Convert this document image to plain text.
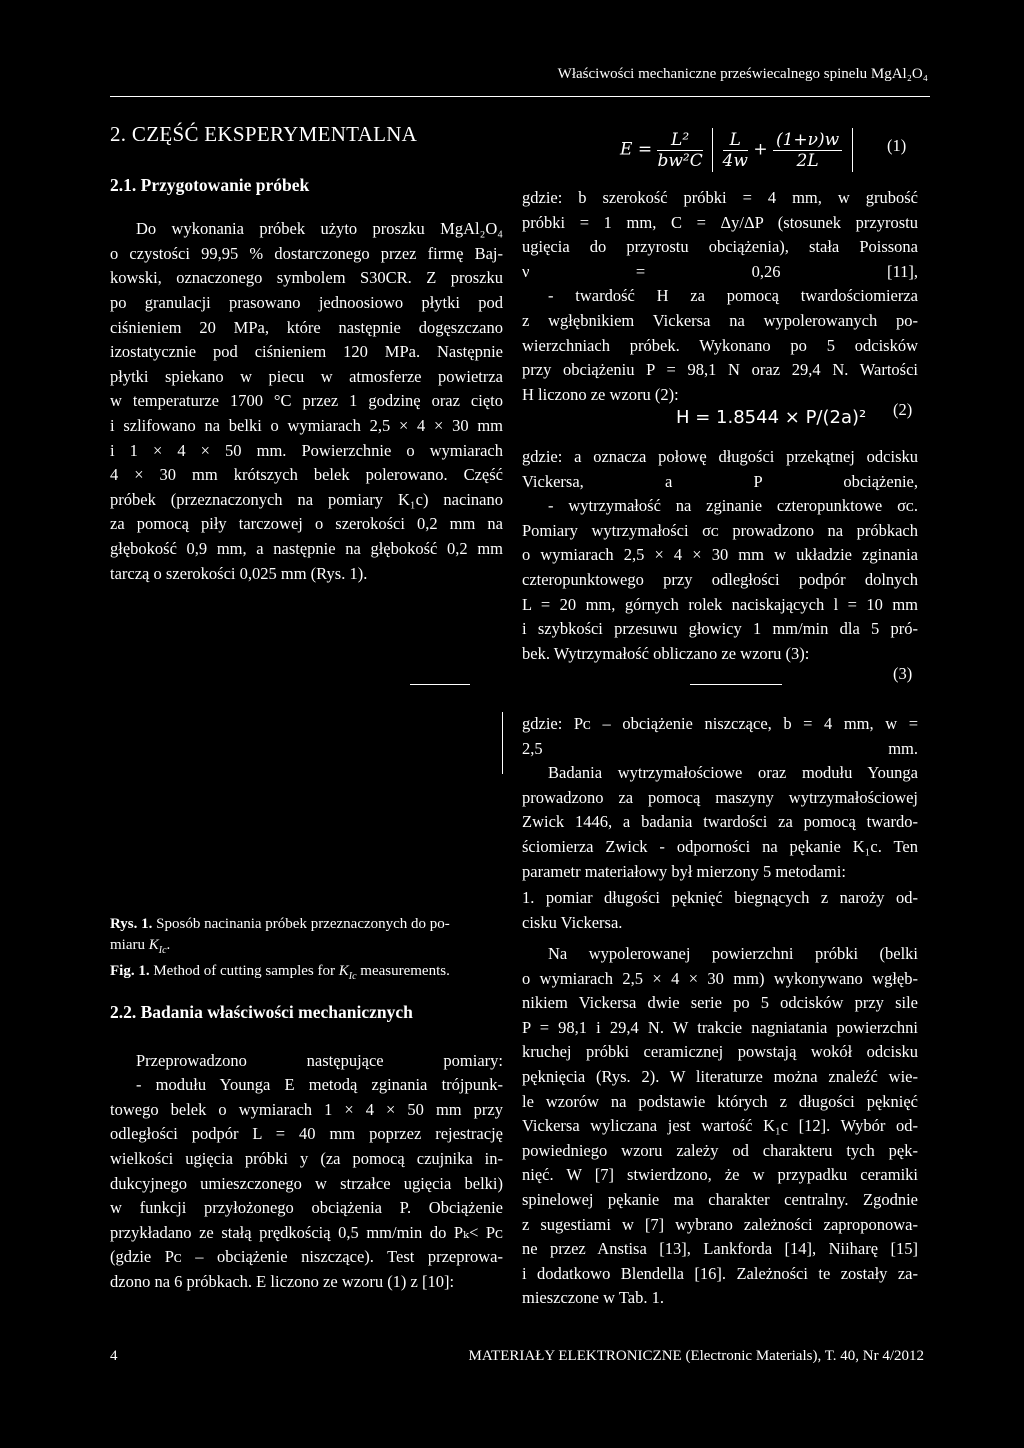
Właściwości mechaniczne przeświecalnego spinelu MgAl₂O₄
2. CZĘŚĆ EKSPERYMENTALNA
2.1. Przygotowanie próbek
Do wykonania próbek użyto proszku MgAl₂O₄
o czystości 99,95 % dostarczonego przez firmę Baj-
kowski, oznaczonego symbolem S30CR. Z proszku
po granulacji prasowano jednoosiowo płytki pod
ciśnieniem 20 MPa, które następnie dogęszczano
izostatycznie pod ciśnieniem 120 MPa. Następnie
płytki spiekano w piecu w atmosferze powietrza
w temperaturze 1700 °C przez 1 godzinę oraz cięto
i szlifowano na belki o wymiarach 2,5 × 4 × 30 mm
i 1 × 4 × 50 mm. Powierzchnie o wymiarach
4 × 30 mm krótszych belek polerowano. Część
próbek (przeznaczonych na pomiary K₁c) nacinano
za pomocą piły tarczowej o szerokości 0,2 mm na
głębokość 0,9 mm, a następnie na głębokość 0,2 mm
tarczą o szerokości 0,025 mm (Rys. 1).
Rys. 1. Sposób nacinania próbek przeznaczonych do po-
miaru $K_{Ic}$.
Fig. 1. Method of cutting samples for $K_{Ic}$ measurements.
2.2. Badania właściwości mechanicznych
Przeprowadzono następujące pomiary:
- modułu Younga E metodą zginania trójpunk-
towego belek o wymiarach 1 × 4 × 50 mm przy
odległości podpór L = 40 mm poprzez rejestrację
wielkości ugięcia próbki y (za pomocą czujnika in-
dukcyjnego umieszczonego w strzałce ugięcia belki)
w funkcji przyłożonego obciążenia P. Obciążenie
przykładano ze stałą prędkością 0,5 mm/min do Pₖ< Pᴄ
(gdzie Pᴄ – obciążenie niszczące). Test przeprowa-
dzono na 6 próbkach. E liczono ze wzoru (1) z [10]:
$E = \frac{\text{L²}}{\text{bw²C}}$
$\frac{L}{4w} + \frac{(1+\nu)w}{2L}$
	(1)
gdzie: b szerokość próbki = 4 mm, w grubość
próbki = 1 mm, C = Δy/ΔP (stosunek przyrostu
ugięcia do przyrostu obciążenia), stała Poissona
ν = 0,26 [11],
- twardość H za pomocą twardościomierza
z wgłębnikiem Vickersa na wypolerowanych po-
wierzchniach próbek. Wykonano po 5 odcisków
przy obciążeniu P = 98,1 N oraz 29,4 N. Wartości
H liczono ze wzoru (2):
H = 1.8544 × P/(2a)² (2)
gdzie: a oznacza połowę długości przekątnej odcisku
Vickersa, a P obciążenie,
- wytrzymałość na zginanie czteropunktowe σᴄ.
Pomiary wytrzymałości σᴄ prowadzono na próbkach
o wymiarach 2,5 × 4 × 30 mm w układzie zginania
czteropunktowego przy odległości podpór dolnych
L = 20 mm, górnych rolek naciskających l = 10 mm
i szybkości przesuwu głowicy 1 mm/min dla 5 pró-
bek. Wytrzymałość obliczano ze wzoru (3):
(3)
gdzie: Pᴄ – obciążenie niszczące, b = 4 mm, w =
2,5 mm.
Badania wytrzymałościowe oraz modułu Younga
prowadzono za pomocą maszyny wytrzymałościowej
Zwick 1446, a badania twardości za pomocą twardo-
ściomierza Zwick - odporności na pękanie K₁c. Ten
parametr materiałowy był mierzony 5 metodami:
1. pomiar długości pęknięć biegnących z naroży od-
cisku Vickersa.
Na wypolerowanej powierzchni próbki (belki
o wymiarach 2,5 × 4 × 30 mm) wykonywano wgłęb-
nikiem Vickersa dwie serie po 5 odcisków przy sile
P = 98,1 i 29,4 N. W trakcie nagniatania powierzchni
kruchej próbki ceramicznej powstają wokół odcisku
pęknięcia (Rys. 2). W literaturze można znaleźć wie-
le wzorów na podstawie których z długości pęknięć
Vickersa wyliczana jest wartość K₁c [12]. Wybór od-
powiedniego wzoru zależy od charakteru tych pęk-
nięć. W [7] stwierdzono, że w przypadku ceramiki
spinelowej pękanie ma charakter centralny. Zgodnie
z sugestiami w [7] wybrano zależności zaproponowa-
ne przez Anstisa [13], Lankforda [14], Niiharę [15]
i dodatkowo Blendella [16]. Zależności te zostały za-
mieszczone w Tab. 1.
4	MATERIAŁY ELEKTRONICZNE (Electronic Materials), T. 40, Nr 4/2012
